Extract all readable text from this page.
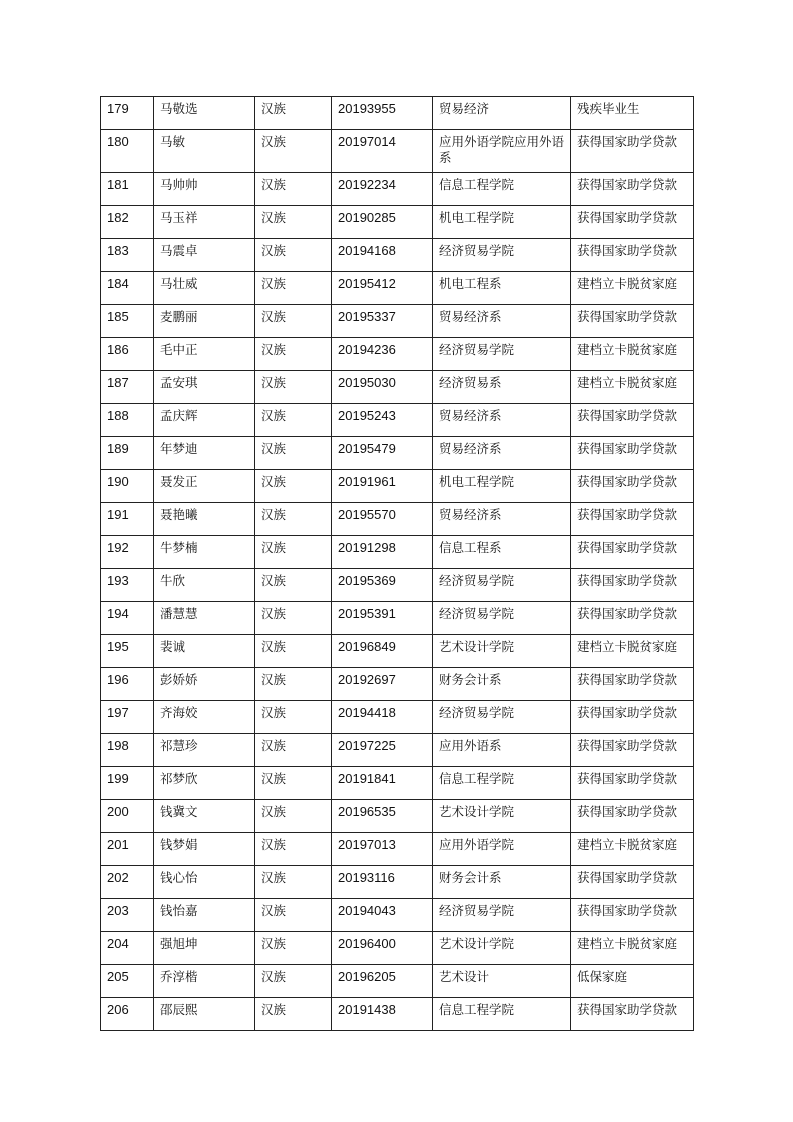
179	马敬选	汉族	20193955	贸易经济	残疾毕业生
180	马敏	汉族	20197014	应用外语学院应用外语系	获得国家助学贷款
181	马帅帅	汉族	20192234	信息工程学院	获得国家助学贷款
182	马玉祥	汉族	20190285	机电工程学院	获得国家助学贷款
183	马震卓	汉族	20194168	经济贸易学院	获得国家助学贷款
184	马壮威	汉族	20195412	机电工程系	建档立卡脱贫家庭
185	麦鹏丽	汉族	20195337	贸易经济系	获得国家助学贷款
186	毛中正	汉族	20194236	经济贸易学院	建档立卡脱贫家庭
187	孟安琪	汉族	20195030	经济贸易系	建档立卡脱贫家庭
188	孟庆辉	汉族	20195243	贸易经济系	获得国家助学贷款
189	年梦迪	汉族	20195479	贸易经济系	获得国家助学贷款
190	聂发正	汉族	20191961	机电工程学院	获得国家助学贷款
191	聂艳曦	汉族	20195570	贸易经济系	获得国家助学贷款
192	牛梦楠	汉族	20191298	信息工程系	获得国家助学贷款
193	牛欣	汉族	20195369	经济贸易学院	获得国家助学贷款
194	潘慧慧	汉族	20195391	经济贸易学院	获得国家助学贷款
195	裴诚	汉族	20196849	艺术设计学院	建档立卡脱贫家庭
196	彭娇娇	汉族	20192697	财务会计系	获得国家助学贷款
197	齐海姣	汉族	20194418	经济贸易学院	获得国家助学贷款
198	祁慧珍	汉族	20197225	应用外语系	获得国家助学贷款
199	祁梦欣	汉族	20191841	信息工程学院	获得国家助学贷款
200	钱冀文	汉族	20196535	艺术设计学院	获得国家助学贷款
201	钱梦娟	汉族	20197013	应用外语学院	建档立卡脱贫家庭
202	钱心怡	汉族	20193116	财务会计系	获得国家助学贷款
203	钱怡嘉	汉族	20194043	经济贸易学院	获得国家助学贷款
204	强旭坤	汉族	20196400	艺术设计学院	建档立卡脱贫家庭
205	乔淳楷	汉族	20196205	艺术设计	低保家庭
206	邵辰熙	汉族	20191438	信息工程学院	获得国家助学贷款
